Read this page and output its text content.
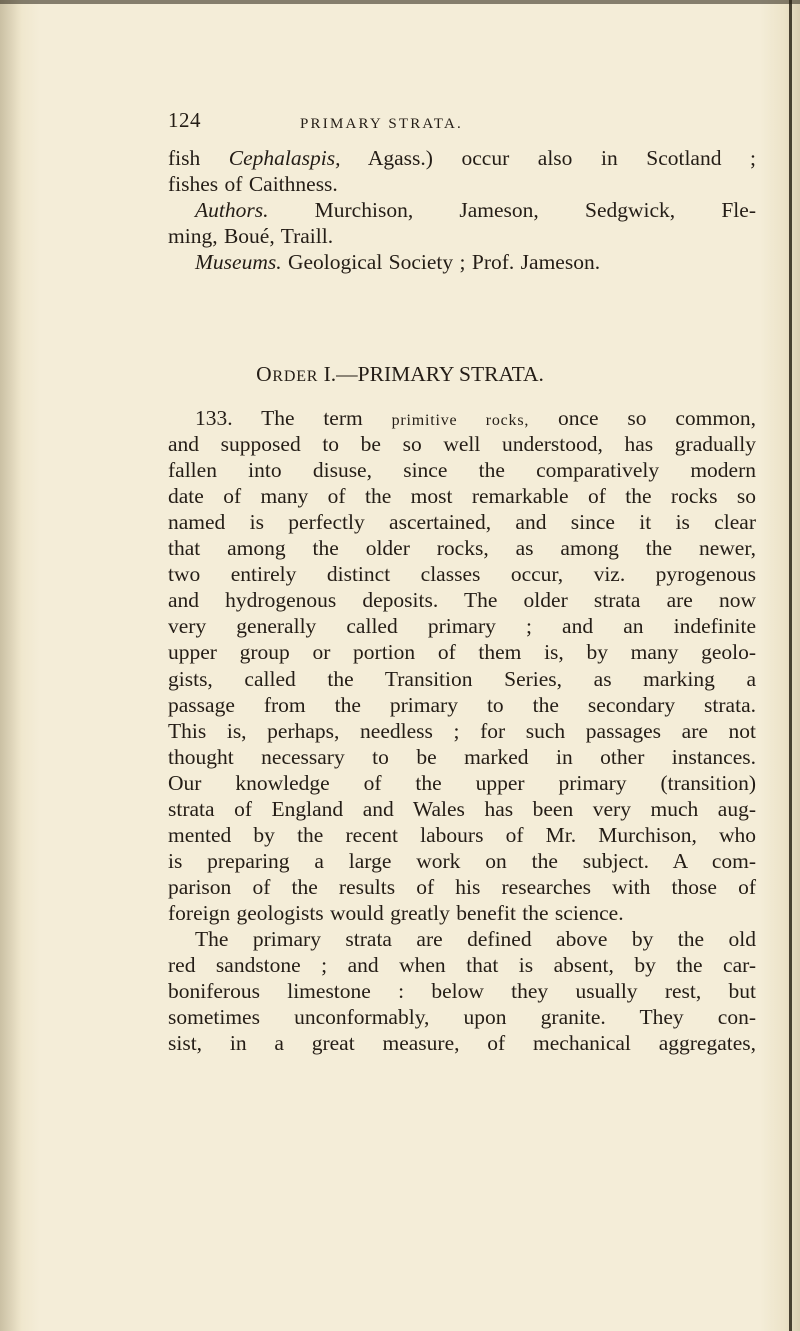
124	PRIMARY STRATA.
fish Cephalaspis, Agass.) occur also in Scotland ;
fishes of Caithness.
Authors. Murchison, Jameson, Sedgwick, Fle-
ming, Boué, Traill.
Museums. Geological Society ; Prof. Jameson.
ORDER I.—PRIMARY STRATA.
133. The term primitive rocks, once so common,
foreign geologists would greatly benefit the science.
The primary strata are defined above by the old
and supposed to be so well understood, has gradually
fallen into disuse, since the comparatively modern
date of many of the most remarkable of the rocks so
named is perfectly ascertained, and since it is clear
that among the older rocks, as among the newer,
two entirely distinct classes occur, viz. pyrogenous
and hydrogenous deposits. The older strata are now
very generally called primary ; and an indefinite
upper group or portion of them is, by many geolo-
gists, called the Transition Series, as marking a
passage from the primary to the secondary strata.
This is, perhaps, needless ; for such passages are not
thought necessary to be marked in other instances.
Our knowledge of the upper primary (transition)
strata of England and Wales has been very much aug-
mented by the recent labours of Mr. Murchison, who
is preparing a large work on the subject. A com-
parison of the results of his researches with those of
red sandstone ; and when that is absent, by the car-
boniferous limestone : below they usually rest, but
sometimes unconformably, upon granite. They con-
sist, in a great measure, of mechanical aggregates,
